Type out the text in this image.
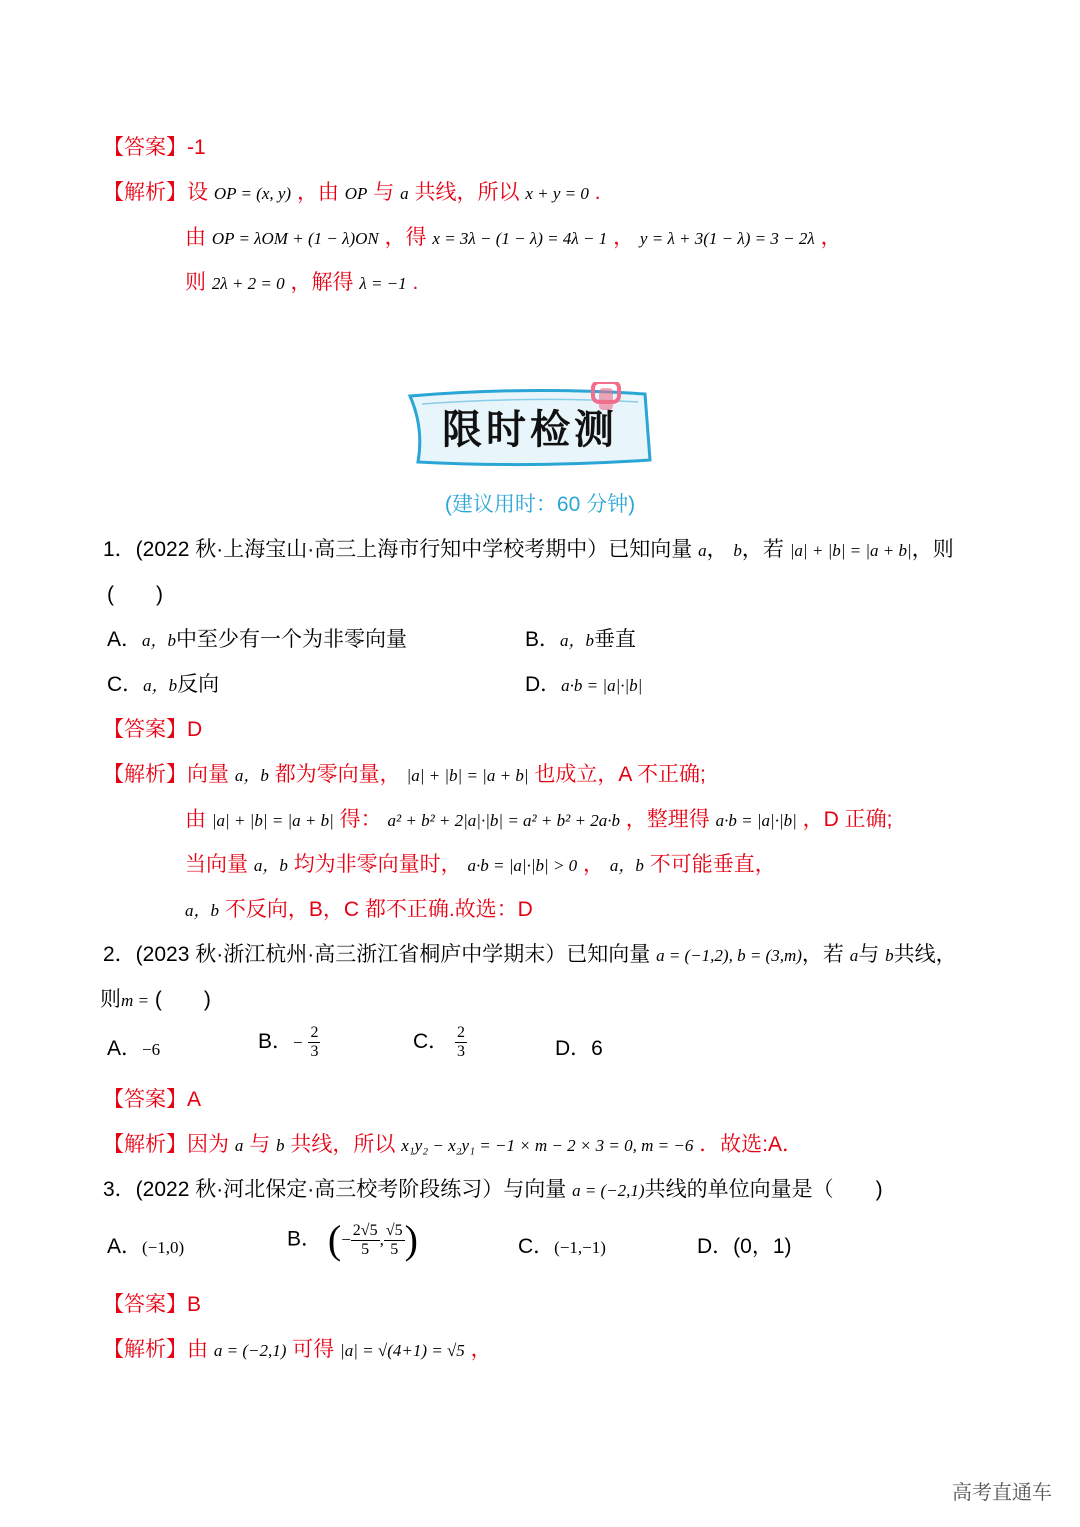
【答案】-1
【解析】设 OP = (x, y) ，由 OP 与 a 共线，所以 x + y = 0 .
由 OP = λOM + (1 − λ)ON ，得 x = 3λ − (1 − λ) = 4λ − 1 ， y = λ + 3(1 − λ) = 3 − 2λ ，
则 2λ + 2 = 0 ，解得 λ = −1 .
限时检测
(建议用时：60 分钟)
1．(2022 秋·上海宝山·高三上海市行知中学校考期中）已知向量 a， b，若 |a| + |b| = |a + b|，则
(　　)
A．a，b中至少有一个为非零向量	B．a，b垂直
C．a，b反向	D．a·b = |a|·|b|
【答案】D
【解析】向量 a，b 都为零向量， |a| + |b| = |a + b| 也成立，A 不正确;
由 |a| + |b| = |a + b| 得： a² + b² + 2|a|·|b| = a² + b² + 2a·b ，整理得 a·b = |a|·|b| ，D 正确;
当向量 a，b 均为非零向量时， a·b = |a|·|b| > 0 ， a，b 不可能垂直，
a，b 不反向，B，C 都不正确.故选：D
2．(2023 秋·浙江杭州·高三浙江省桐庐中学期末）已知向量 a = (−1,2), b = (3,m)，若 a与 b共线，
则m = (　　)
A．−6	B．− $\frac{2}{3}$	C． $\frac{2}{3}$	D．6
【答案】A
【解析】因为 a 与 b 共线，所以 x₁y₂ − x₂y₁ = −1 × m − 2 × 3 = 0, m = −6 ．故选:A．
3．(2022 秋·河北保定·高三校考阶段练习）与向量 a = (−2,1)共线的单位向量是（　　)
A．(−1,0)	B． (− $\frac{2√5}{5}$ , $\frac{√5}{5}$ )	C．(−1,−1)	D．(0，1)
【答案】B
【解析】由 a = (−2,1) 可得 |a| = √(4+1) = √5 ，
高考直通车
